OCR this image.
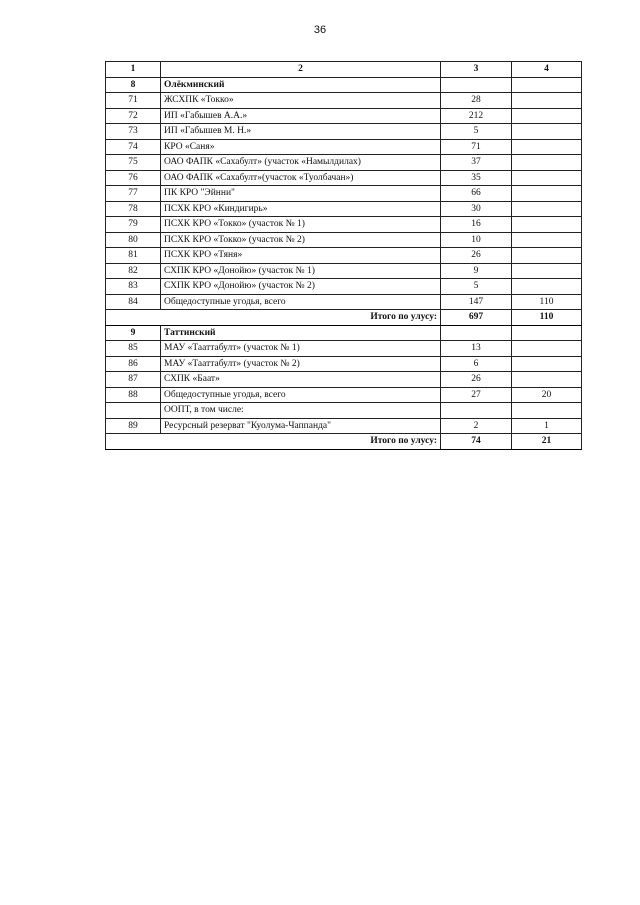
36
1	2	3	4
8	Олёкминский		
71	ЖСХПК «Токко»	28	
72	ИП «Габышев А.А.»	212	
73	ИП «Габышев М. Н.»	5	
74	КРО «Саня»	71	
75	ОАО ФАПК «Сахабулт» (участок «Намылдилах)	37	
76	ОАО ФАПК «Сахабулт»(участок «Туолбачан»)	35	
77	ПК КРО "Эйнни"	66	
78	ПСХК КРО «Киндигирь»	30	
79	ПСХК КРО «Токко» (участок № 1)	16	
80	ПСХК КРО «Токко» (участок № 2)	10	
81	ПСХК КРО «Тяня»	26	
82	СХПК КРО «Донойю» (участок № 1)	9	
83	СХПК КРО «Донойю» (участок № 2)	5	
84	Общедоступные угодья, всего	147	110
Итого по улусу:		697	110
9	Таттинский		
85	МАУ «Тааттабулт» (участок № 1)	13	
86	МАУ «Тааттабулт» (участок № 2)	6	
87	СХПК «Баат»	26	
88	Общедоступные угодья, всего	27	20
	ООПТ, в том числе:		
89	Ресурсный резерват "Куолума-Чаппанда"	2	1
Итого по улусу:		74	21
